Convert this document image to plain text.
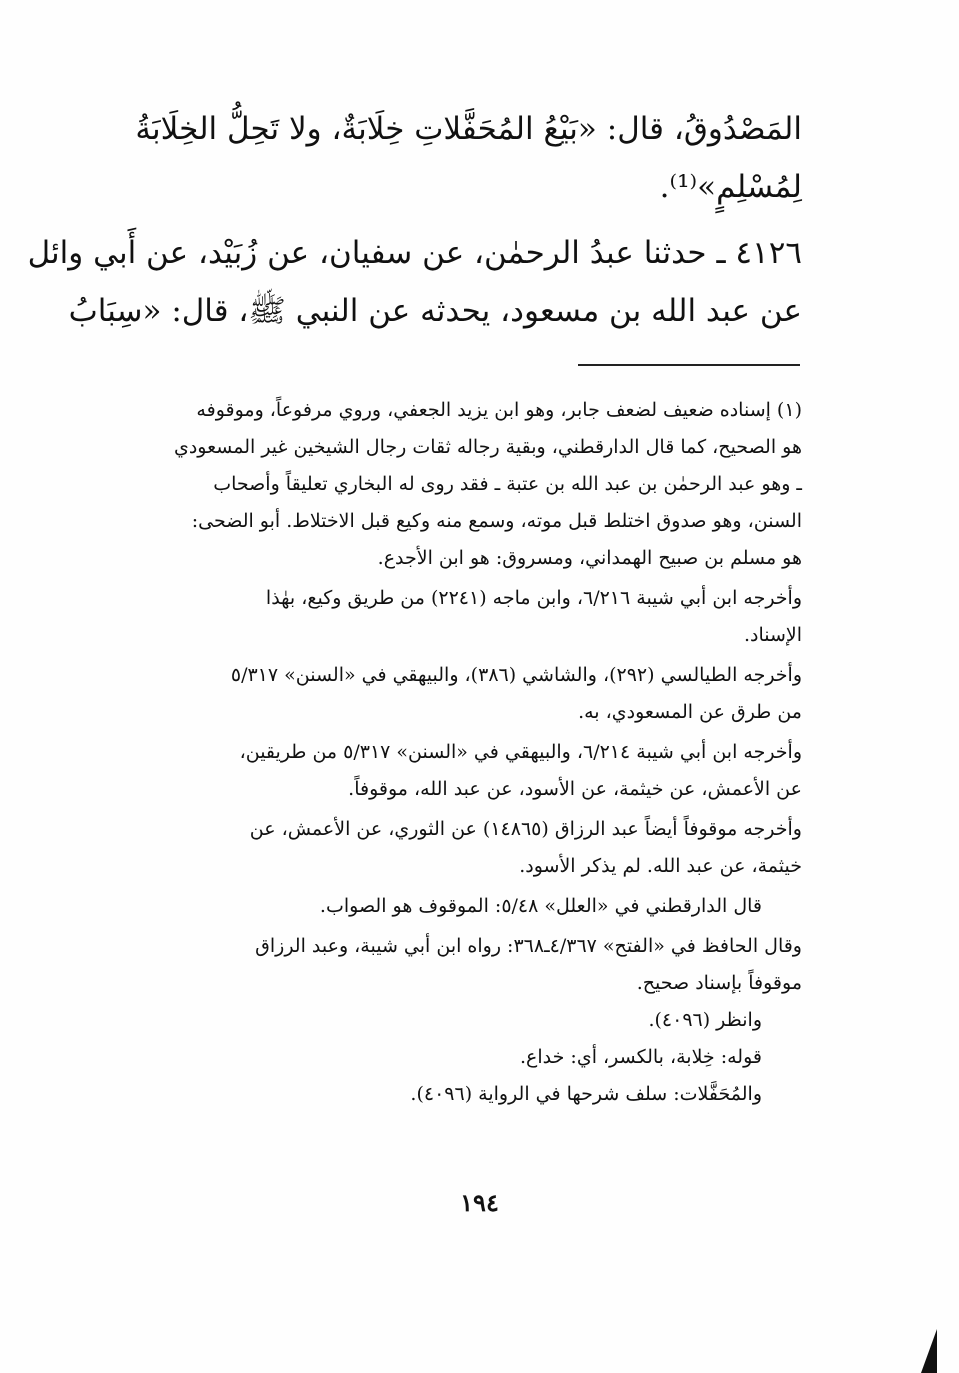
المَصْدُوقُ، قال: «بَيْعُ المُحَفَّلاتِ خِلَابَةٌ، ولا تَحِلُّ الخِلَابَةُ
لِمُسْلِمٍ»⁽¹⁾.
٤١٢٦ ـ حدثنا عبدُ الرحمٰن، عن سفيان، عن زُبَيْد، عن أَبي وائل
عن عبد الله بن مسعود، يحدثه عن النبي ﷺ، قال: «سِبَابُ
(١) إسناده ضعيف لضعف جابر، وهو ابن يزيد الجعفي، وروي مرفوعاً، وموقوفه
هو الصحيح، كما قال الدارقطني، وبقية رجاله ثقات رجال الشيخين غير المسعودي
ـ وهو عبد الرحمٰن بن عبد الله بن عتبة ـ فقد روى له البخاري تعليقاً وأصحاب
السنن، وهو صدوق اختلط قبل موته، وسمع منه وكيع قبل الاختلاط. أبو الضحى:
هو مسلم بن صبيح الهمداني، ومسروق: هو ابن الأجدع.
وأخرجه ابن أبي شيبة ٦/٢١٦، وابن ماجه (٢٢٤١) من طريق وكيع، بهٰذا
الإسناد.
وأخرجه الطيالسي (٢٩٢)، والشاشي (٣٨٦)، والبيهقي في «السنن» ٥/٣١٧
من طرق عن المسعودي، به.
وأخرجه ابن أبي شيبة ٦/٢١٤، والبيهقي في «السنن» ٥/٣١٧ من طريقين،
عن الأعمش، عن خيثمة، عن الأسود، عن عبد الله، موقوفاً.
وأخرجه موقوفاً أيضاً عبد الرزاق (١٤٨٦٥) عن الثوري، عن الأعمش، عن
خيثمة، عن عبد الله. لم يذكر الأسود.
قال الدارقطني في «العلل» ٥/٤٨: الموقوف هو الصواب.
وقال الحافظ في «الفتح» ٤/٣٦٧ـ٣٦٨: رواه ابن أبي شيبة، وعبد الرزاق
موقوفاً بإسناد صحيح.
وانظر (٤٠٩٦).
قوله: خِلابة، بالكسر، أي: خداع.
والمُحَفَّلات: سلف شرحها في الرواية (٤٠٩٦).
١٩٤
